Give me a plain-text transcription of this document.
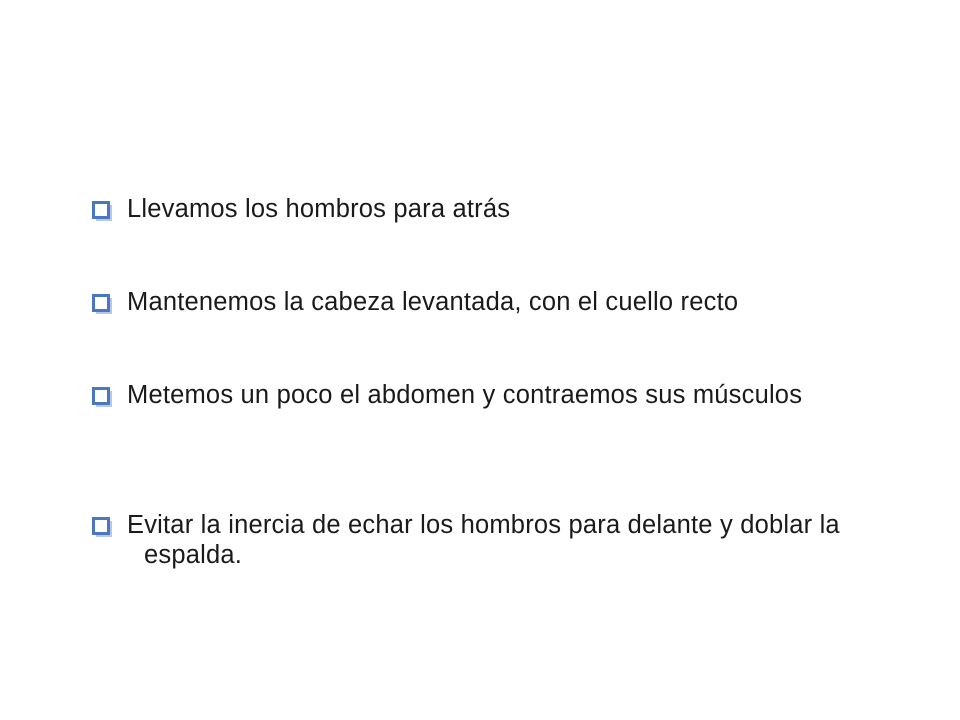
Llevamos los hombros para atrás
Mantenemos la cabeza levantada, con el cuello recto
Metemos un poco el abdomen y contraemos sus músculos
Evitar la inercia de echar los hombros para delante y doblar la espalda.
